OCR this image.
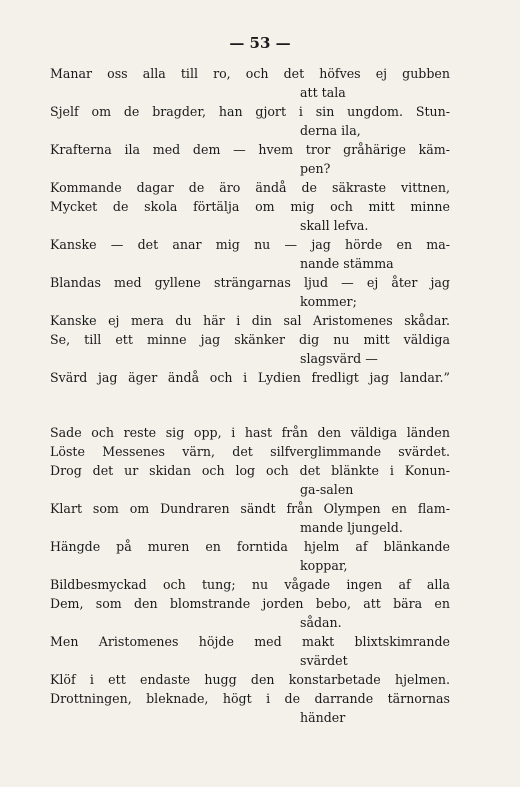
— 53 —
Manar oss alla till ro, och det höfves ej gubben
att tala
Sjelf om de bragder, han gjort i sin ungdom. Stun-
derna ila,
Krafterna ila med dem — hvem tror gråhärige käm-
pen?
Kommande dagar de äro ändå de säkraste vittnen,
Mycket de skola förtälja om mig och mitt minne
skall lefva.
Kanske — det anar mig nu — jag hörde en ma-
nande stämma
Blandas med gyllene strängarnas ljud — ej åter jag
kommer;
Kanske ej mera du här i din sal Aristomenes skådar.
Se, till ett minne jag skänker dig nu mitt väldiga
slagsvärd —
Svärd jag äger ändå och i Lydien fredligt jag landar.”
Sade och reste sig opp, i hast från den väldiga länden
Löste Messenes värn, det silfverglimmande svärdet.
Drog det ur skidan och log och det blänkte i Konun-
ga-salen
Klart som om Dundraren sändt från Olympen en flam-
mande ljungeld.
Hängde på muren en forntida hjelm af blänkande
koppar,
Bildbesmyckad och tung; nu vågade ingen af alla
Dem, som den blomstrande jorden bebo, att bära en
sådan.
Men Aristomenes höjde med makt blixtskimrande
svärdet
Klöf i ett endaste hugg den konstarbetade hjelmen.
Drottningen, bleknade, högt i de darrande tärnornas
händer
